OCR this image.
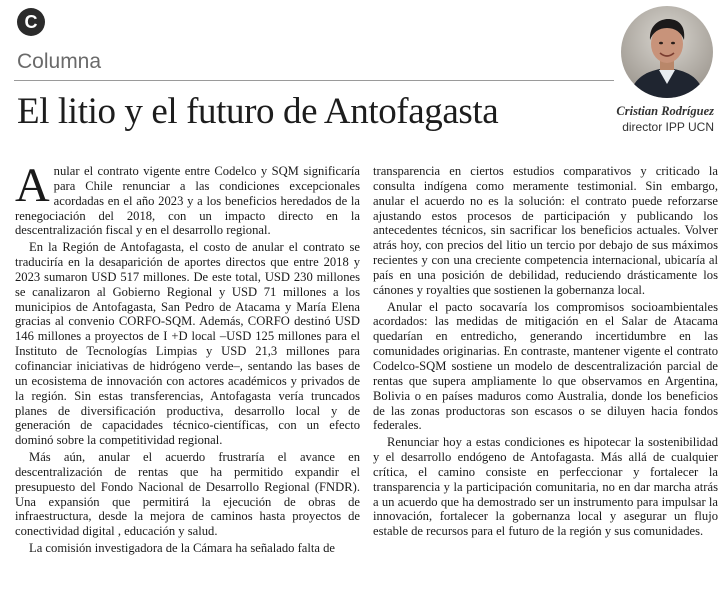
C
Columna
El litio y el futuro de Antofagasta	Cristian Rodríguez
director IPP UCN

Anular el contrato vigente entre Codelco y SQM significaría para Chile renunciar a las condiciones excepcionales acordadas en el año 2023 y a los beneficios heredados de la renegociación del 2018, con un impacto directo en la descentralización fiscal y en el desarrollo regional.

En la Región de Antofagasta, el costo de anular el contrato se traduciría en la desaparición de aportes directos que entre 2018 y 2023 sumaron USD 517 millones. De este total, USD 230 millones se canalizaron al Gobierno Regional y USD 71 millones a los municipios de Antofagasta, San Pedro de Atacama y María Elena gracias al convenio CORFO-SQM. Además, CORFO destinó USD 146 millones a proyectos de I +D local –USD 125 millones para el Instituto de Tecnologías Limpias y USD 21,3 millones para cofinanciar iniciativas de hidrógeno verde–, sentando las bases de un ecosistema de innovación con actores académicos y privados de la región. Sin estas transferencias, Antofagasta vería truncados planes de diversificación productiva, desarrollo local y de generación de capacidades técnico-científicas, con un efecto dominó sobre la competitividad regional.

Más aún, anular el acuerdo frustraría el avance en descentralización de rentas que ha permitido expandir el presupuesto del Fondo Nacional de Desarrollo Regional (FNDR). Una expansión que permitirá la ejecución de obras de infraestructura, desde la mejora de caminos hasta proyectos de conectividad digital , educación y salud.

La comisión investigadora de la Cámara ha señalado falta de

transparencia en ciertos estudios comparativos y criticado la consulta indígena como meramente testimonial. Sin embargo, anular el acuerdo no es la solución: el contrato puede reforzarse ajustando estos procesos de participación y publicando los antecedentes técnicos, sin sacrificar los beneficios actuales. Volver atrás hoy, con precios del litio un tercio por debajo de sus máximos recientes y con una creciente competencia internacional, ubicaría al país en una posición de debilidad, reduciendo drásticamente los cánones y royalties que sostienen la gobernanza local.

Anular el pacto socavaría los compromisos socioambientales acordados: las medidas de mitigación en el Salar de Atacama quedarían en entredicho, generando incertidumbre en las comunidades originarias. En contraste, mantener vigente el contrato Codelco-SQM sostiene un modelo de descentralización parcial de rentas que supera ampliamente lo que observamos en Argentina, Bolivia o en países maduros como Australia, donde los beneficios de las zonas productoras son escasos o se diluyen hacia fondos federales.

Renunciar hoy a estas condiciones es hipotecar la sostenibilidad y el desarrollo endógeno de Antofagasta. Más allá de cualquier crítica, el camino consiste en perfeccionar y fortalecer la transparencia y la participación comunitaria, no en dar marcha atrás a un acuerdo que ha demostrado ser un instrumento para impulsar la innovación, fortalecer la gobernanza local y asegurar un flujo estable de recursos para el futuro de la región y sus comunidades.
